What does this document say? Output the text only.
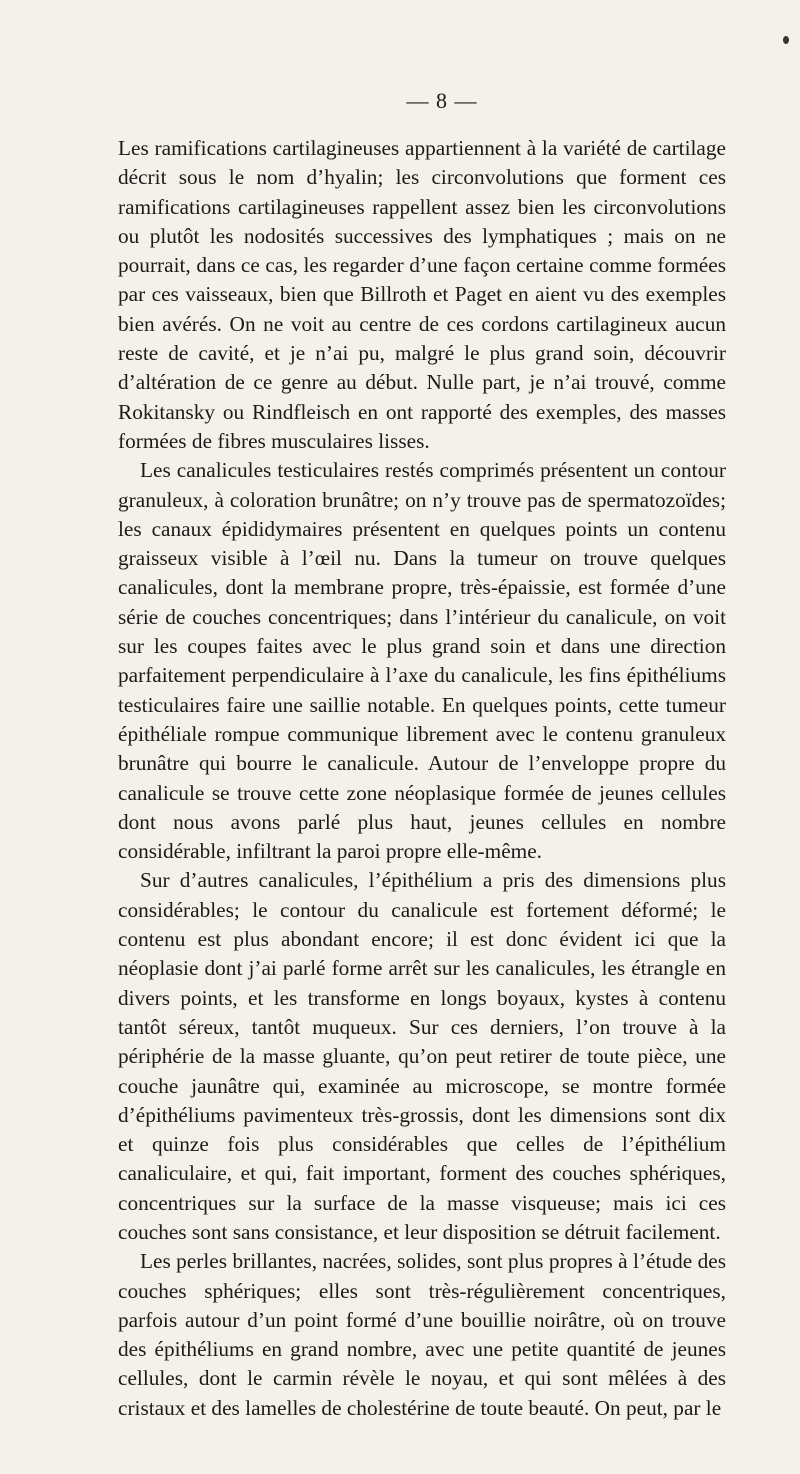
— 8 —

Les ramifications cartilagineuses appartiennent à la variété de cartilage décrit sous le nom d’hyalin; les circonvolutions que forment ces ramifications cartilagineuses rappellent assez bien les circonvolutions ou plutôt les nodosités successives des lymphatiques ; mais on ne pourrait, dans ce cas, les regarder d’une façon certaine comme formées par ces vaisseaux, bien que Billroth et Paget en aient vu des exemples bien avérés. On ne voit au centre de ces cordons cartilagineux aucun reste de cavité, et je n’ai pu, malgré le plus grand soin, découvrir d’altération de ce genre au début. Nulle part, je n’ai trouvé, comme Rokitansky ou Rindfleisch en ont rapporté des exemples, des masses formées de fibres musculaires lisses.

Les canalicules testiculaires restés comprimés présentent un contour granuleux, à coloration brunâtre; on n’y trouve pas de spermatozoïdes; les canaux épididymaires présentent en quelques points un contenu graisseux visible à l’œil nu. Dans la tumeur on trouve quelques canalicules, dont la membrane propre, très-épaissie, est formée d’une série de couches concentriques; dans l’intérieur du canalicule, on voit sur les coupes faites avec le plus grand soin et dans une direction parfaitement perpendiculaire à l’axe du canalicule, les fins épithéliums testiculaires faire une saillie notable. En quelques points, cette tumeur épithéliale rompue communique librement avec le contenu granuleux brunâtre qui bourre le canalicule. Autour de l’enveloppe propre du canalicule se trouve cette zone néoplasique formée de jeunes cellules dont nous avons parlé plus haut, jeunes cellules en nombre considérable, infiltrant la paroi propre elle-même.

Sur d’autres canalicules, l’épithélium a pris des dimensions plus considérables; le contour du canalicule est fortement déformé; le contenu est plus abondant encore; il est donc évident ici que la néoplasie dont j’ai parlé forme arrêt sur les canalicules, les étrangle en divers points, et les transforme en longs boyaux, kystes à contenu tantôt séreux, tantôt muqueux. Sur ces derniers, l’on trouve à la périphérie de la masse gluante, qu’on peut retirer de toute pièce, une couche jaunâtre qui, examinée au microscope, se montre formée d’épithéliums pavimenteux très-grossis, dont les dimensions sont dix et quinze fois plus considérables que celles de l’épithélium canaliculaire, et qui, fait important, forment des couches sphériques, concentriques sur la surface de la masse visqueuse; mais ici ces couches sont sans consistance, et leur disposition se détruit facilement.

Les perles brillantes, nacrées, solides, sont plus propres à l’étude des couches sphériques; elles sont très-régulièrement concentriques, parfois autour d’un point formé d’une bouillie noirâtre, où on trouve des épithéliums en grand nombre, avec une petite quantité de jeunes cellules, dont le carmin révèle le noyau, et qui sont mêlées à des cristaux et des lamelles de cholestérine de toute beauté. On peut, par le
